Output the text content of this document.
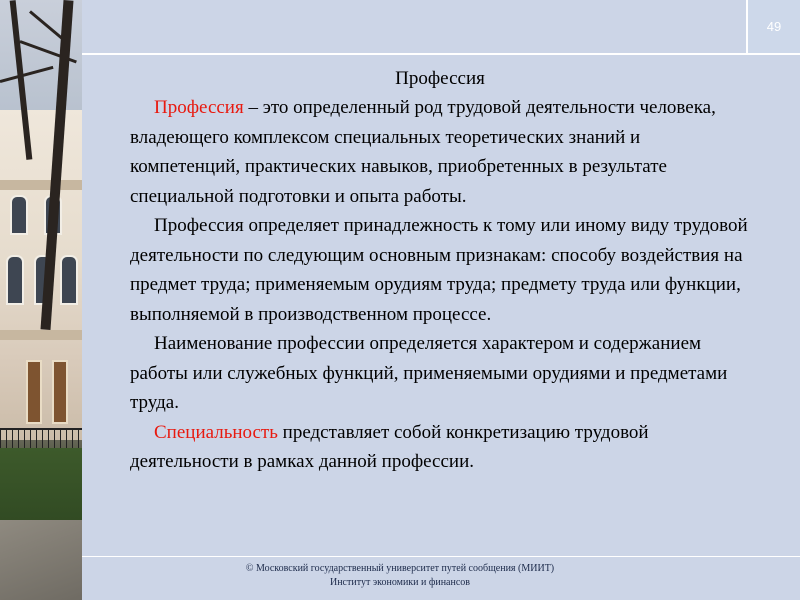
49

Профессия

Профессия – это определенный род трудовой деятельности человека, владеющего комплексом специальных теоретических знаний и компетенций, практических навыков, приобретенных в результате специальной подготовки и опыта работы.

Профессия определяет принадлежность к тому или иному виду трудовой деятельности по следующим основным признакам: способу воздействия на предмет труда; применяемым орудиям труда; предмету труда или функции, выполняемой в производственном процессе.

Наименование профессии определяется характером и содержанием работы или служебных функций, применяемыми орудиями и предметами труда.

Специальность представляет собой конкретизацию трудовой деятельности в рамках данной профессии.

© Московский государственный университет путей сообщения (МИИТ)
Институт экономики и финансов
